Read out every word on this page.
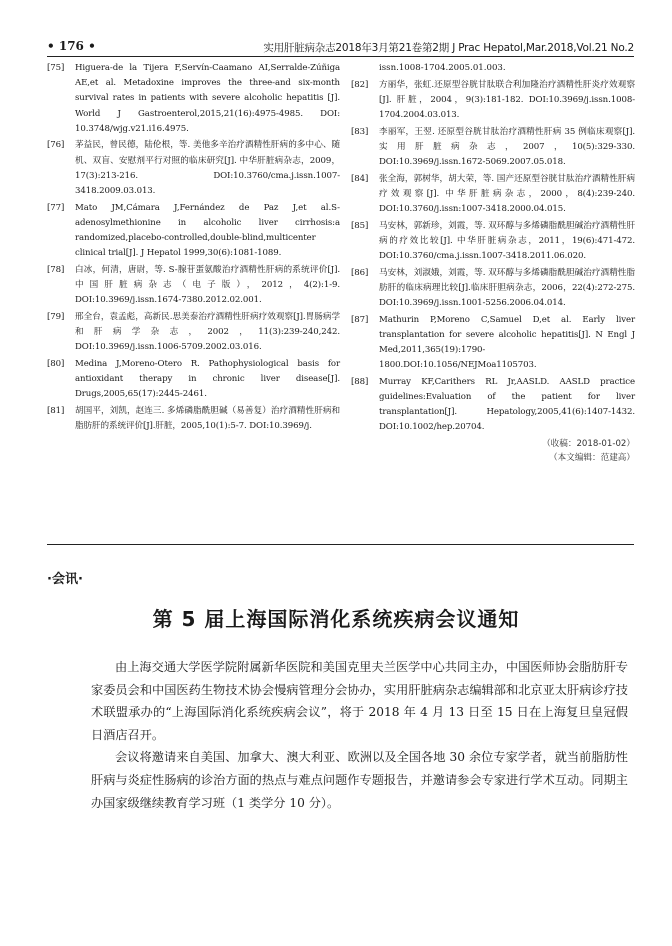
• 176 •	实用肝脏病杂志2018年3月第21卷第2期 J Prac Hepatol,Mar.2018,Vol.21 No.2
[75] Higuera-de la Tijera F,Servín-Caamano AI,Serralde-Zúñiga AE,et al. Metadoxine improves the three-and six-month survival rates in patients with severe alcoholic hepatitis [J]. World J Gastroenterol,2015,21(16):4975-4985. DOI: 10.3748/wjg.v21.i16.4975.
[76] 茅益民，曾民德，陆伦根，等. 美他多辛治疗酒精性肝病的多中心、随机、双盲、安慰剂平行对照的临床研究[J]. 中华肝脏病杂志，2009，17(3):213-216. DOI:10.3760/cma.j.issn.1007-3418.2009.03.013.
[77] Mato JM,Cámara J,Fernández de Paz J,et al.S-adenosylmethionine in alcoholic liver cirrhosis:a randomized,placebo-controlled,double-blind,multicenter clinical trial[J]. J Hepatol 1999,30(6):1081-1089.
[78] 白冰，何清，唐尉，等. S-腺苷蛋氨酸治疗酒精性肝病的系统评价[J]. 中国肝脏病杂志（电子版），2012，4(2):1-9. DOI:10.3969/j.issn.1674-7380.2012.02.001.
[79] 邢全台，袁孟彪，高新民.思美泰治疗酒精性肝病疗效观察[J].胃肠病学和肝病学杂志，2002，11(3):239-240,242. DOI:10.3969/j.issn.1006-5709.2002.03.016.
[80] Medina J,Moreno-Otero R. Pathophysiological basis for antioxidant therapy in chronic liver disease[J]. Drugs,2005,65(17):2445-2461.
[81] 胡国平，刘凯，赵连三. 多烯磷脂酰胆碱（易善复）治疗酒精性肝病和脂肪肝的系统评价[J].肝脏，2005,10(1):5-7. DOI:10.3969/j.
issn.1008-1704.2005.01.003.
[82] 方丽华，张虹.还原型谷胱甘肽联合利加隆治疗酒精性肝炎疗效观察[J]. 肝脏，2004，9(3):181-182. DOI:10.3969/j.issn.1008-1704.2004.03.013.
[83] 李丽军，王翌. 还原型谷胱甘肽治疗酒精性肝病 35 例临床观察[J]. 实用肝脏病杂志，2007，10(5):329-330. DOI:10.3969/j.issn.1672-5069.2007.05.018.
[84] 张全海，郭树华，胡大荣，等. 国产还原型谷胱甘肽治疗酒精性肝病疗效观察[J]. 中华肝脏病杂志，2000，8(4):239-240. DOI:10.3760/j.issn:1007-3418.2000.04.015.
[85] 马安林，郭新珍，刘霞，等. 双环醇与多烯磷脂酰胆碱治疗酒精性肝病的疗效比较[J]. 中华肝脏病杂志，2011，19(6):471-472. DOI:10.3760/cma.j.issn.1007-3418.2011.06.020.
[86] 马安林，刘淑娥，刘霞，等. 双环醇与多烯磷脂酰胆碱治疗酒精性脂肪肝的临床病理比较[J].临床肝胆病杂志，2006，22(4):272-275. DOI:10.3969/j.issn.1001-5256.2006.04.014.
[87] Mathurin P,Moreno C,Samuel D,et al. Early liver transplantation for severe alcoholic hepatitis[J]. N Engl J Med,2011,365(19):1790-1800.DOI:10.1056/NEJMoa1105703.
[88] Murray KF,Carithers RL Jr,AASLD. AASLD practice guidelines:Evaluation of the patient for liver transplantation[J]. Hepatology,2005,41(6):1407-1432. DOI:10.1002/hep.20704.
（收稿：2018-01-02）
（本文编辑：范建高）
·会讯·
第 5 届上海国际消化系统疾病会议通知

由上海交通大学医学院附属新华医院和美国克里夫兰医学中心共同主办，中国医师协会脂肪肝专家委员会和中国医药生物技术协会慢病管理分会协办，实用肝脏病杂志编辑部和北京亚太肝病诊疗技术联盟承办的“上海国际消化系统疾病会议”，将于 2018 年 4 月 13 日至 15 日在上海复旦皇冠假日酒店召开。

会议将邀请来自美国、加拿大、澳大利亚、欧洲以及全国各地 30 余位专家学者，就当前脂肪性肝病与炎症性肠病的诊治方面的热点与难点问题作专题报告，并邀请参会专家进行学术互动。同期主办国家级继续教育学习班（1 类学分 10 分）。
